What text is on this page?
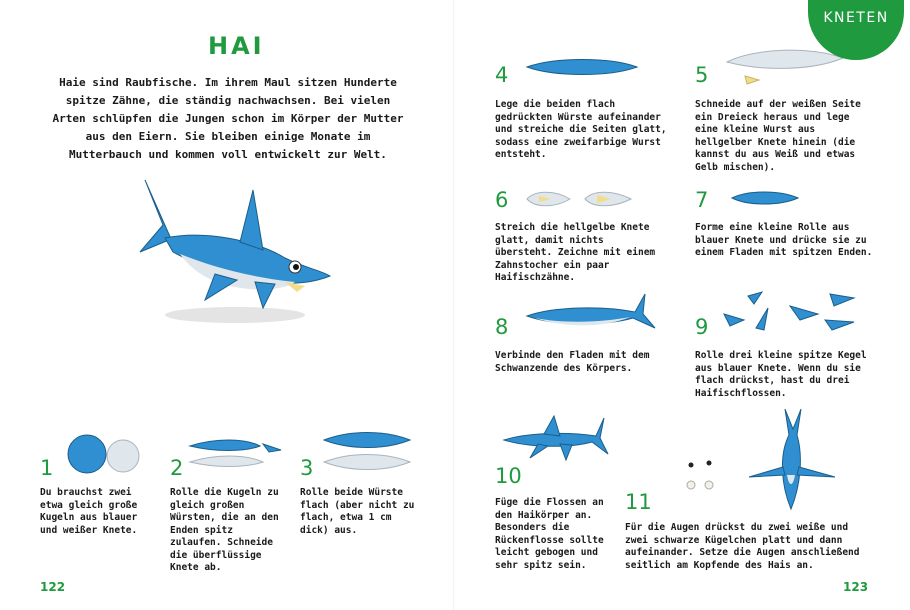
HAI
Haie sind Raubfische. Im ihrem Maul sitzen Hunderte spitze Zähne, die ständig nachwachsen. Bei vielen Arten schlüpfen die Jungen schon im Körper der Mutter aus den Eiern. Sie bleiben einige Monate im Mutterbauch und kommen voll entwickelt zur Welt.
1
Du brauchst zwei etwa gleich große Kugeln aus blauer und weißer Knete.
2
Rolle die Kugeln zu gleich großen Würsten, die an den Enden spitz zulaufen. Schneide die überflüssige Knete ab.
3
Rolle beide Würste flach (aber nicht zu flach, etwa 1 cm dick) aus.
122
4
Lege die beiden flach gedrückten Würste aufeinander und streiche die Seiten glatt, sodass eine zweifarbige Wurst entsteht.
5
Schneide auf der weißen Seite ein Dreieck heraus und lege eine kleine Wurst aus hellgelber Knete hinein (die kannst du aus Weiß und etwas Gelb mischen).
6
Streich die hellgelbe Knete glatt, damit nichts übersteht. Zeichne mit einem Zahnstocher ein paar Haifischzähne.
7
Forme eine kleine Rolle aus blauer Knete und drücke sie zu einem Fladen mit spitzen Enden.
8
Verbinde den Fladen mit dem Schwanzende des Körpers.
9
Rolle drei kleine spitze Kegel aus blauer Knete. Wenn du sie flach drückst, hast du drei Haifischflossen.
10
Füge die Flossen an den Haikörper an. Besonders die Rückenflosse sollte leicht gebogen und sehr spitz sein.
11
Für die Augen drückst du zwei weiße und zwei schwarze Kügelchen platt und dann aufeinander. Setze die Augen anschließend seitlich am Kopfende des Hais an.
123
KNETEN
